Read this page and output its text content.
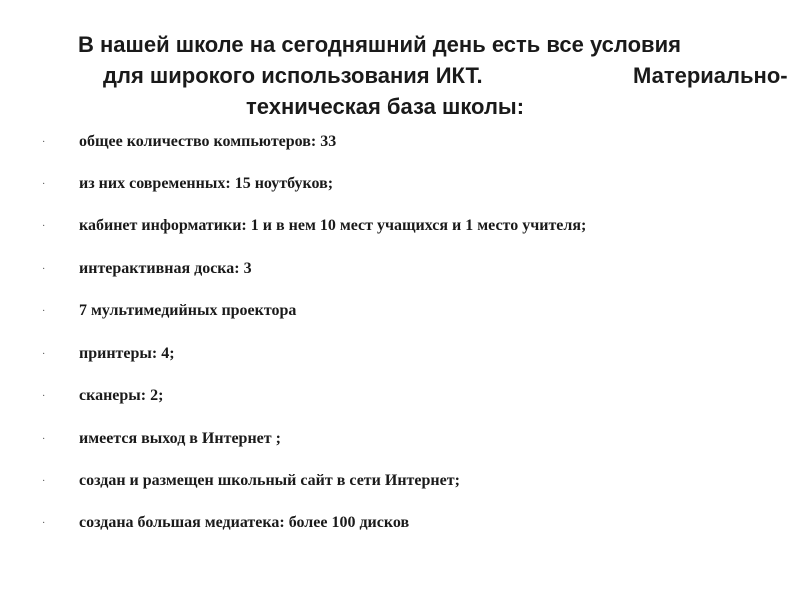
В нашей школе на сегодняшний день есть все условия
для широкого использования ИКТ.	Материально-
техническая база школы:
· общее количество компьютеров: 33
· из них современных: 15 ноутбуков;
· кабинет информатики: 1 и в нем 10 мест учащихся и 1 место учителя;
· интерактивная доска: 3
· 7 мультимедийных проектора
· принтеры: 4;
· сканеры: 2;
· имеется выход в Интернет ;
· создан и размещен школьный сайт в сети Интернет;
· создана большая медиатека: более 100 дисков
